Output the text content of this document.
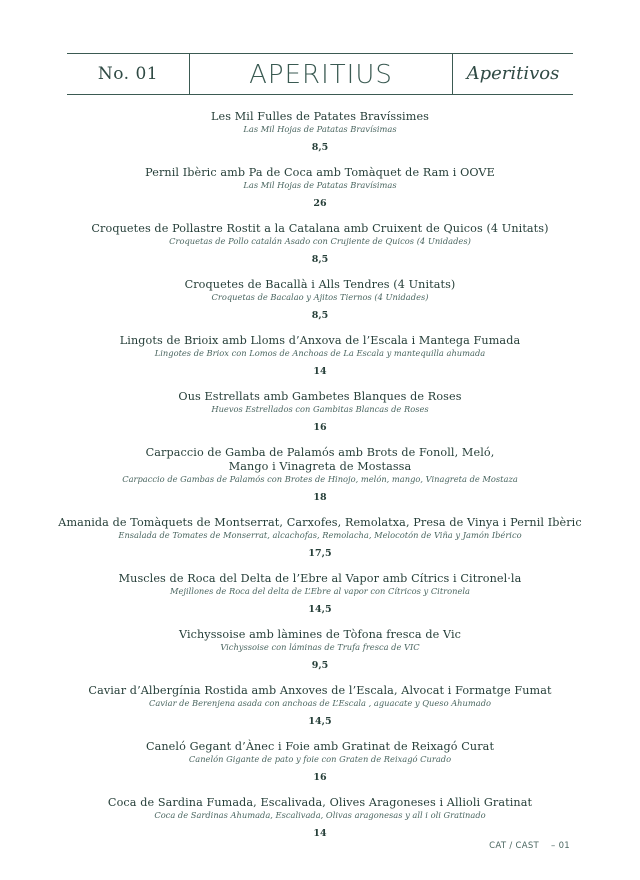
No. 01	APERITIUS	Aperitivos
Les Mil Fulles de Patates Bravíssimes
Las Mil Hojas de Patatas Bravísimas
8,5
Pernil Ibèric amb Pa de Coca amb Tomàquet de Ram i OOVE
Las Mil Hojas de Patatas Bravísimas
26
Croquetes de Pollastre Rostit a la Catalana amb Cruixent de Quicos (4 Unitats)
Croquetas de Pollo catalán Asado con Crujiente de Quicos (4 Unidades)
8,5
Croquetes de Bacallà i Alls Tendres (4 Unitats)
Croquetas de Bacalao y Ajitos Tiernos (4 Unidades)
8,5
Lingots de Brioix amb Lloms d’Anxova de l’Escala i Mantega Fumada
Lingotes de Briox con Lomos de Anchoas de La Escala y mantequilla ahumada
14
Ous Estrellats amb Gambetes Blanques de Roses
Huevos Estrellados con Gambitas Blancas de Roses
16
Carpaccio de Gamba de Palamós amb Brots de Fonoll, Meló,
Mango i Vinagreta de Mostassa
Carpaccio de Gambas de Palamós con Brotes de Hinojo, melón, mango, Vinagreta de Mostaza
18
Amanida de Tomàquets de Montserrat, Carxofes, Remolatxa, Presa de Vinya i Pernil Ibèric
Ensalada de Tomates de Monserrat, alcachofas, Remolacha, Melocotón de Viña y Jamón Ibérico
17,5
Muscles de Roca del Delta de l’Ebre al Vapor amb Cítrics i Citronel·la
Mejillones de Roca del delta de L’Ebre al vapor con Cítricos y Citronela
14,5
Vichyssoise amb làmines de Tòfona fresca de Vic
Vichyssoise con láminas de Trufa fresca de VIC
9,5
Caviar d’Albergínia Rostida amb Anxoves de l’Escala, Alvocat i Formatge Fumat
Caviar de Berenjena asada con anchoas de L’Escala , aguacate y Queso Ahumado
14,5
Caneló Gegant d’Ànec i Foie amb Gratinat de Reixagó Curat
Canelón Gigante de pato y foie con Graten de Reixagó Curado
16
Coca de Sardina Fumada, Escalivada, Olives Aragoneses i Allioli Gratinat
Coca de Sardinas Ahumada, Escalivada, Olivas aragonesas y all i oli Gratinado
14
CAT / CAST – 01
